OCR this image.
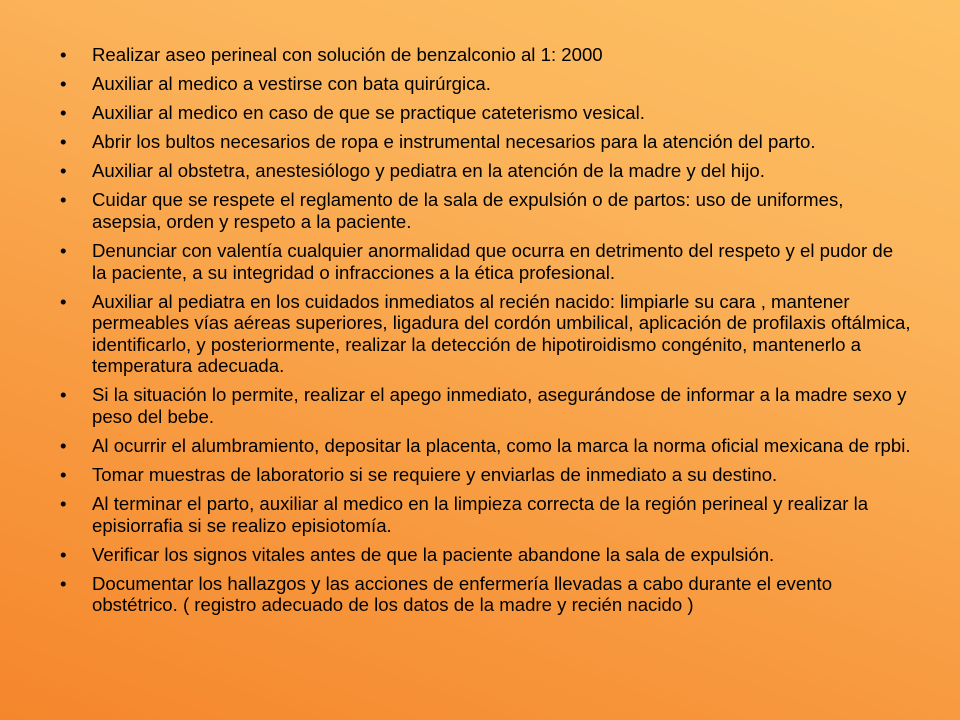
•	Realizar aseo perineal con solución de benzalconio al 1: 2000
•	Auxiliar al medico a vestirse con bata quirúrgica.
•	Auxiliar al medico en caso de que se practique cateterismo vesical.
•	Abrir los bultos necesarios de ropa e instrumental necesarios para la atención del parto.
•	Auxiliar al obstetra, anestesiólogo y pediatra en la atención de la madre y del hijo.
•	Cuidar que se respete el reglamento de la sala de expulsión o de partos: uso de uniformes, asepsia, orden y respeto a la paciente.
•	Denunciar con valentía cualquier anormalidad que ocurra en detrimento del respeto y el pudor de la paciente, a su integridad o infracciones a la ética profesional.
•	Auxiliar al pediatra en los cuidados inmediatos al recién nacido: limpiarle su cara , mantener permeables vías aéreas superiores, ligadura del cordón umbilical, aplicación de profilaxis oftálmica, identificarlo, y posteriormente, realizar la detección de hipotiroidismo congénito, mantenerlo a temperatura adecuada.
•	Si la situación lo permite, realizar el apego inmediato, asegurándose de informar a la madre sexo y peso del bebe.
•	Al ocurrir el alumbramiento, depositar la placenta, como la marca la norma oficial mexicana de rpbi.
•	Tomar muestras de laboratorio si se requiere y enviarlas de inmediato a su destino.
•	Al terminar el parto, auxiliar al medico en la limpieza correcta de la región perineal y realizar la episiorrafia si se realizo episiotomía.
•	Verificar los signos vitales antes de que la paciente abandone la sala de expulsión.
•	Documentar los hallazgos y las acciones de enfermería llevadas a cabo durante el evento obstétrico. ( registro adecuado de los datos de la madre y recién nacido )
